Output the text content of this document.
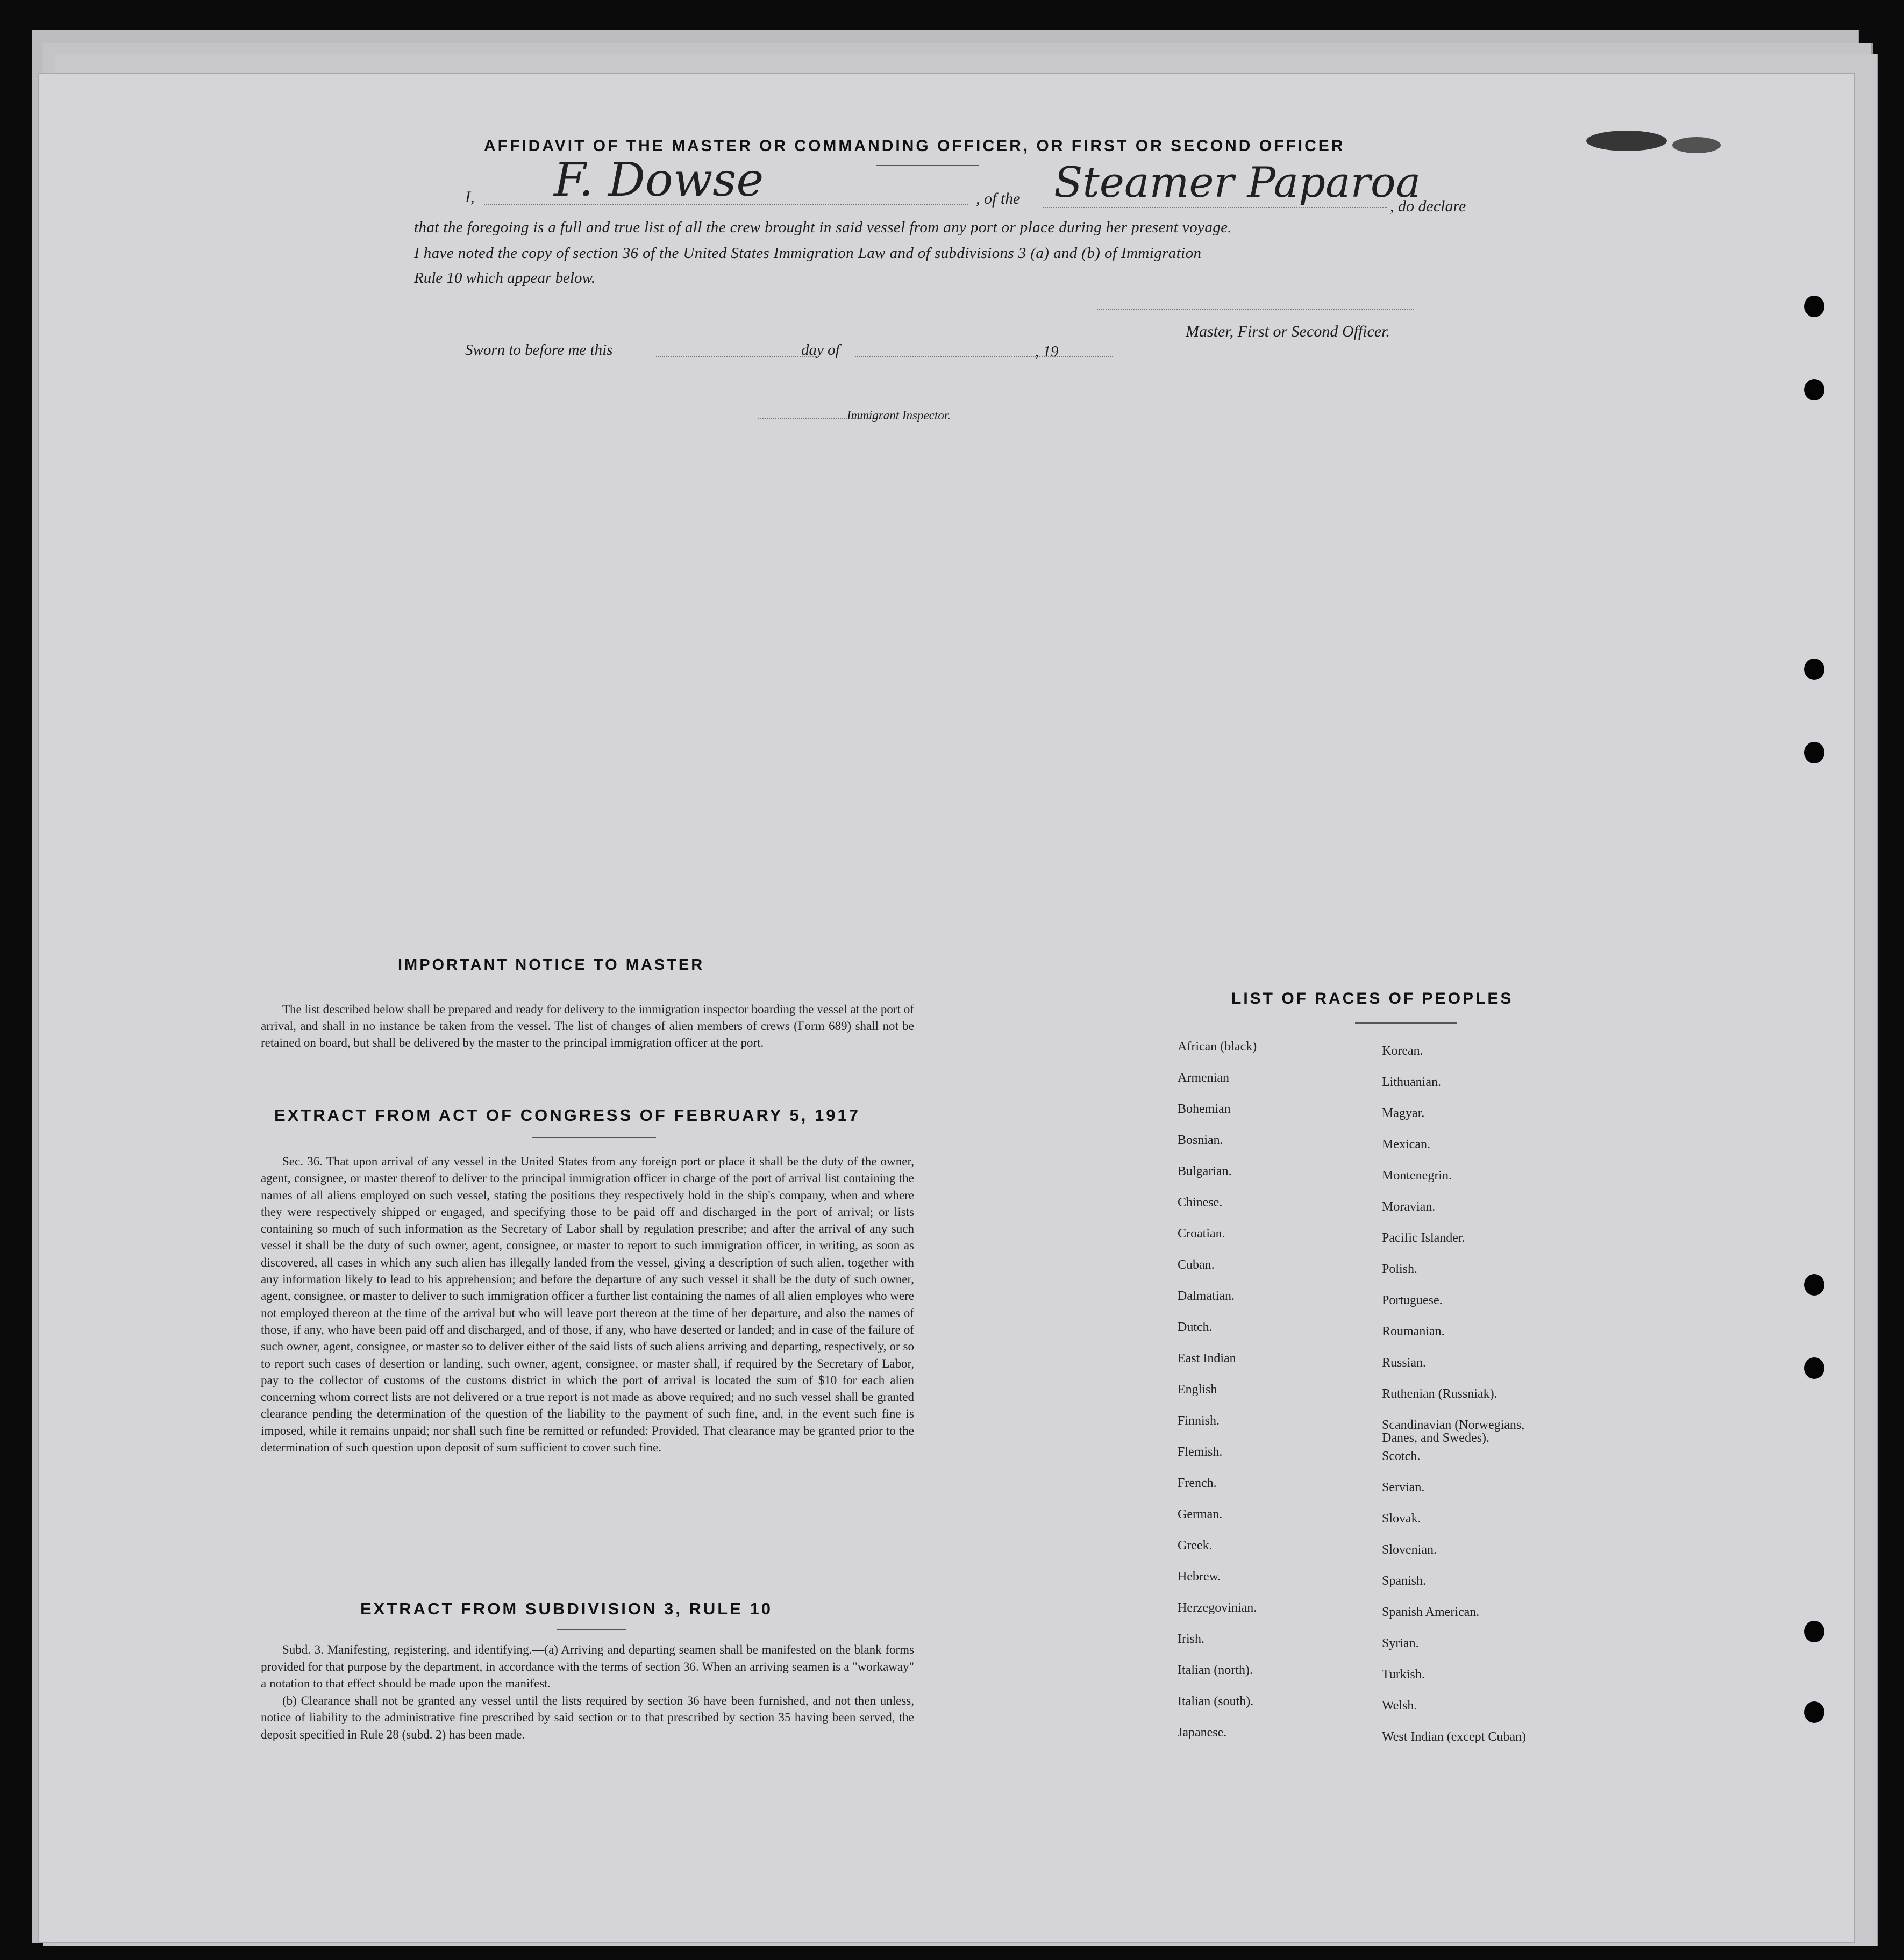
AFFIDAVIT OF THE MASTER OR COMMANDING OFFICER, OR FIRST OR SECOND OFFICER
I, F. Dowse	, of the Steamer Paparoa
, do declare
that the foregoing is a full and true list of all the crew brought in said vessel from any port or place during her present voyage.
I have noted the copy of section 36 of the United States Immigration Law and of subdivisions 3 (a) and (b) of Immigration
Rule 10 which appear below.
Master, First or Second Officer.
Sworn to before me this	day of	, 19
Immigrant Inspector.
IMPORTANT NOTICE TO MASTER

The list described below shall be prepared and ready for delivery to the immigration inspector boarding the vessel at the port of arrival, and shall in no instance be taken from the vessel. The list of changes of alien members of crews (Form 689) shall not be retained on board, but shall be delivered by the master to the principal immigration officer at the port.

EXTRACT FROM ACT OF CONGRESS OF FEBRUARY 5, 1917

Sec. 36. That upon arrival of any vessel in the United States from any foreign port or place it shall be the duty of the owner, agent, consignee, or master thereof to deliver to the principal immigration officer in charge of the port of arrival list containing the names of all aliens employed on such vessel, stating the positions they respectively hold in the ship's company, when and where they were respectively shipped or engaged, and specifying those to be paid off and discharged in the port of arrival; or lists containing so much of such information as the Secretary of Labor shall by regulation prescribe; and after the arrival of any such vessel it shall be the duty of such owner, agent, consignee, or master to report to such immigration officer, in writing, as soon as discovered, all cases in which any such alien has illegally landed from the vessel, giving a description of such alien, together with any information likely to lead to his apprehension; and before the departure of any such vessel it shall be the duty of such owner, agent, consignee, or master to deliver to such immigration officer a further list containing the names of all alien employes who were not employed thereon at the time of the arrival but who will leave port thereon at the time of her departure, and also the names of those, if any, who have been paid off and discharged, and of those, if any, who have deserted or landed; and in case of the failure of such owner, agent, consignee, or master so to deliver either of the said lists of such aliens arriving and departing, respectively, or so to report such cases of desertion or landing, such owner, agent, consignee, or master shall, if required by the Secretary of Labor, pay to the collector of customs of the customs district in which the port of arrival is located the sum of $10 for each alien concerning whom correct lists are not delivered or a true report is not made as above required; and no such vessel shall be granted clearance pending the determination of the question of the liability to the payment of such fine, and, in the event such fine is imposed, while it remains unpaid; nor shall such fine be remitted or refunded: Provided, That clearance may be granted prior to the determination of such question upon deposit of sum sufficient to cover such fine.

EXTRACT FROM SUBDIVISION 3, RULE 10

Subd. 3. Manifesting, registering, and identifying.—(a) Arriving and departing seamen shall be manifested on the blank forms provided for that purpose by the department, in accordance with the terms of section 36. When an arriving seamen is a "workaway" a notation to that effect should be made upon the manifest.

(b) Clearance shall not be granted any vessel until the lists required by section 36 have been furnished, and not then unless, notice of liability to the administrative fine prescribed by said section or to that prescribed by section 35 having been served, the deposit specified in Rule 28 (subd. 2) has been made.

LIST OF RACES OF PEOPLES
African (black)
Armenian
Bohemian
Bosnian.
Bulgarian.
Chinese.
Croatian.
Cuban.
Dalmatian.
Dutch.
East Indian
English
Finnish.
Flemish.
French.
German.
Greek.
Hebrew.
Herzegovinian.
Irish.
Italian (north).
Italian (south).
Japanese.
Korean.
Lithuanian.
Magyar.
Mexican.
Montenegrin.
Moravian.
Pacific Islander.
Polish.
Portuguese.
Roumanian.
Russian.
Ruthenian (Russniak).
Scandinavian (Norwegians, Danes, and Swedes).
Scotch.
Servian.
Slovak.
Slovenian.
Spanish.
Spanish American.
Syrian.
Turkish.
Welsh.
West Indian (except Cuban)
